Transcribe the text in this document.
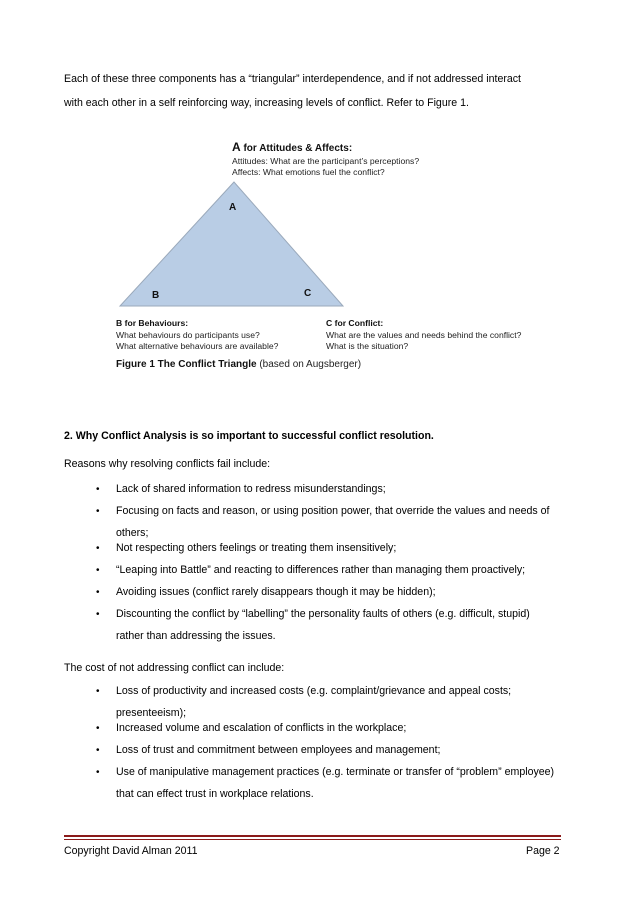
Each of these three components has a “triangular” interdependence, and if not addressed interact
with each other in a self reinforcing way, increasing levels of conflict. Refer to Figure 1.
A for Attitudes & Affects:
Attitudes: What are the participant’s perceptions?
Affects: What emotions fuel the conflict?
A
B	C
B for Behaviours:
What behaviours do participants use?
What alternative behaviours are available?
C for Conflict:
What are the values and needs behind the conflict?
What is the situation?
Figure 1 The Conflict Triangle (based on Augsberger)
2. Why Conflict Analysis is so important to successful conflict resolution.
Reasons why resolving conflicts fail include:
• Lack of shared information to redress misunderstandings;
• Focusing on facts and reason, or using position power, that override the values and needs of
others;
• Not respecting others feelings or treating them insensitively;
• “Leaping into Battle” and reacting to differences rather than managing them proactively;
• Avoiding issues (conflict rarely disappears though it may be hidden);
• Discounting the conflict by “labelling” the personality faults of others (e.g. difficult, stupid)
rather than addressing the issues.
The cost of not addressing conflict can include:
• Loss of productivity and increased costs (e.g. complaint/grievance and appeal costs;
presenteeism);
• Increased volume and escalation of conflicts in the workplace;
• Loss of trust and commitment between employees and management;
• Use of manipulative management practices (e.g. terminate or transfer of “problem” employee)
that can effect trust in workplace relations.
Copyright David Alman 2011	Page 2
